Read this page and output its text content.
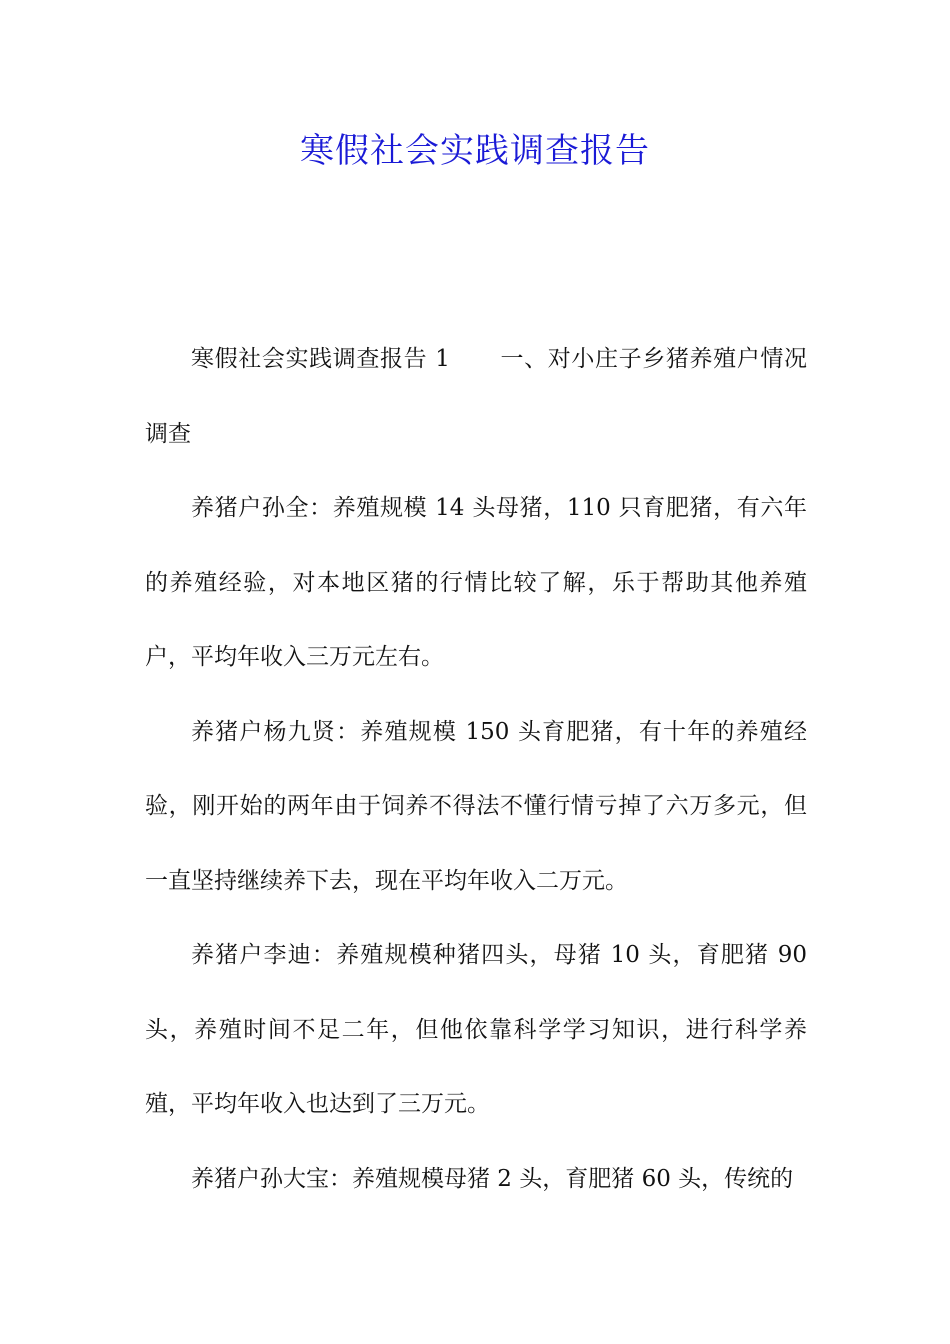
寒假社会实践调查报告

寒假社会实践调查报告 1 一、对小庄子乡猪养殖户情况调查

养猪户孙全：养殖规模 14 头母猪，110 只育肥猪，有六年的养殖经验，对本地区猪的行情比较了解，乐于帮助其他养殖户，平均年收入三万元左右。

养猪户杨九贤：养殖规模 150 头育肥猪，有十年的养殖经验，刚开始的两年由于饲养不得法不懂行情亏掉了六万多元，但一直坚持继续养下去，现在平均年收入二万元。

养猪户李迪：养殖规模种猪四头，母猪 10 头，育肥猪 90 头，养殖时间不足二年，但他依靠科学学习知识，进行科学养殖，平均年收入也达到了三万元。

养猪户孙大宝：养殖规模母猪 2 头，育肥猪 60 头，传统的
